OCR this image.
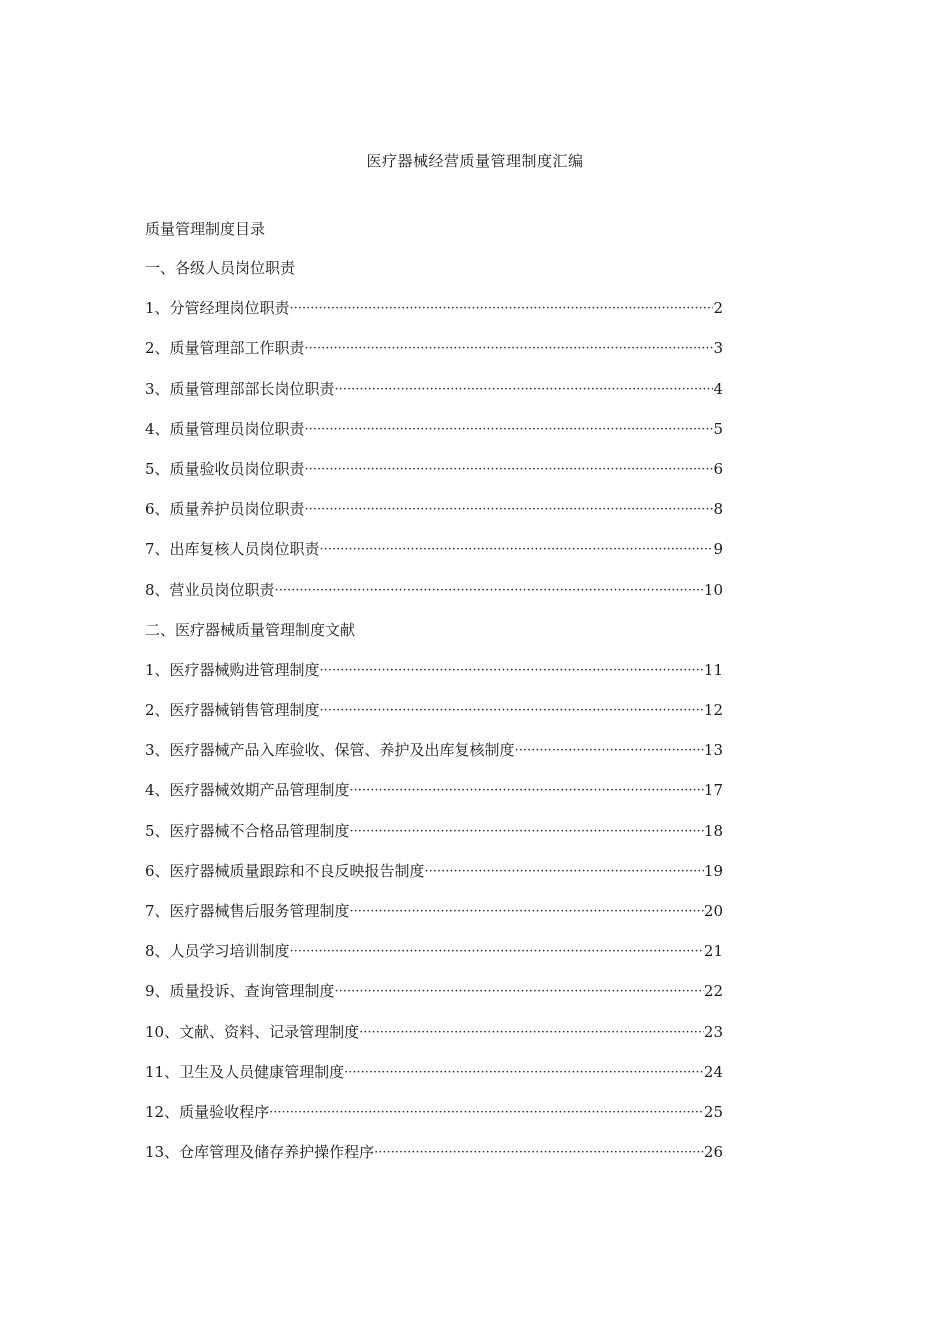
医疗器械经营质量管理制度汇编
质量管理制度目录
一、各级人员岗位职责
1、分管经理岗位职责 ·····	2
2、质量管理部工作职责 ·····	3
3、质量管理部部长岗位职责 ·····	4
4、质量管理员岗位职责 ·····	5
5、质量验收员岗位职责 ·····	6
6、质量养护员岗位职责 ·····	8
7、出库复核人员岗位职责 ·····	9
8、营业员岗位职责 ·····	10
二、医疗器械质量管理制度文献
1、医疗器械购进管理制度 ·····	11
2、医疗器械销售管理制度 ·····	12
3、医疗器械产品入库验收、保管、养护及出库复核制度 ·····	13
4、医疗器械效期产品管理制度 ·····	17
5、医疗器械不合格品管理制度 ·····	18
6、医疗器械质量跟踪和不良反映报告制度 ·····	19
7、医疗器械售后服务管理制度 ·····	20
8、人员学习培训制度 ·····	21
9、质量投诉、查询管理制度 ·····	22
10、文献、资料、记录管理制度 ·····	23
11、卫生及人员健康管理制度 ·····	24
12、质量验收程序 ·····	25
13、仓库管理及储存养护操作程序 ·····	26
